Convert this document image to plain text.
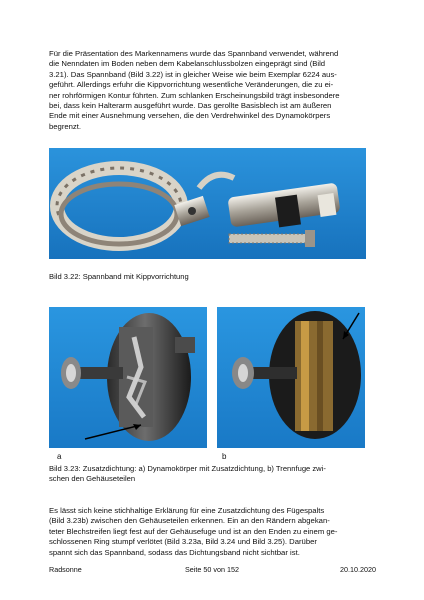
Für die Präsentation des Markennamens wurde das Spannband verwendet, während
die Nenndaten im Boden neben dem Kabelanschlussbolzen eingeprägt sind (Bild
3.21). Das Spannband (Bild 3.22) ist in gleicher Weise wie beim Exemplar 6224 aus-
geführt. Allerdings erfuhr die Kippvorrichtung wesentliche Veränderungen, die zu ei-
ner rohrförmigen Kontur führten. Zum schlanken Erscheinungsbild trägt insbesondere
bei, dass kein Halterarm ausgeführt wurde. Das gerollte Basisblech ist am äußeren
Ende mit einer Ausnehmung versehen, die den Verdrehwinkel des Dynamokörpers
begrenzt.

Bild 3.22: Spannband mit Kippvorrichtung

a	b

Bild 3.23: Zusatzdichtung: a) Dynamokörper mit Zusatzdichtung, b) Trennfuge zwi-
schen den Gehäuseteilen

Es lässt sich keine stichhaltige Erklärung für eine Zusatzdichtung des Fügespalts
(Bild 3.23b) zwischen den Gehäuseteilen erkennen. Ein an den Rändern abgekan-
teter Blechstreifen liegt fest auf der Gehäusefuge und ist an den Enden zu einem ge-
schlossenen Ring stumpf verlötet (Bild 3.23a, Bild 3.24 und Bild 3.25). Darüber
spannt sich das Spannband, sodass das Dichtungsband nicht sichtbar ist.

Seite 50 von 152
Radsonne	20.10.2020
